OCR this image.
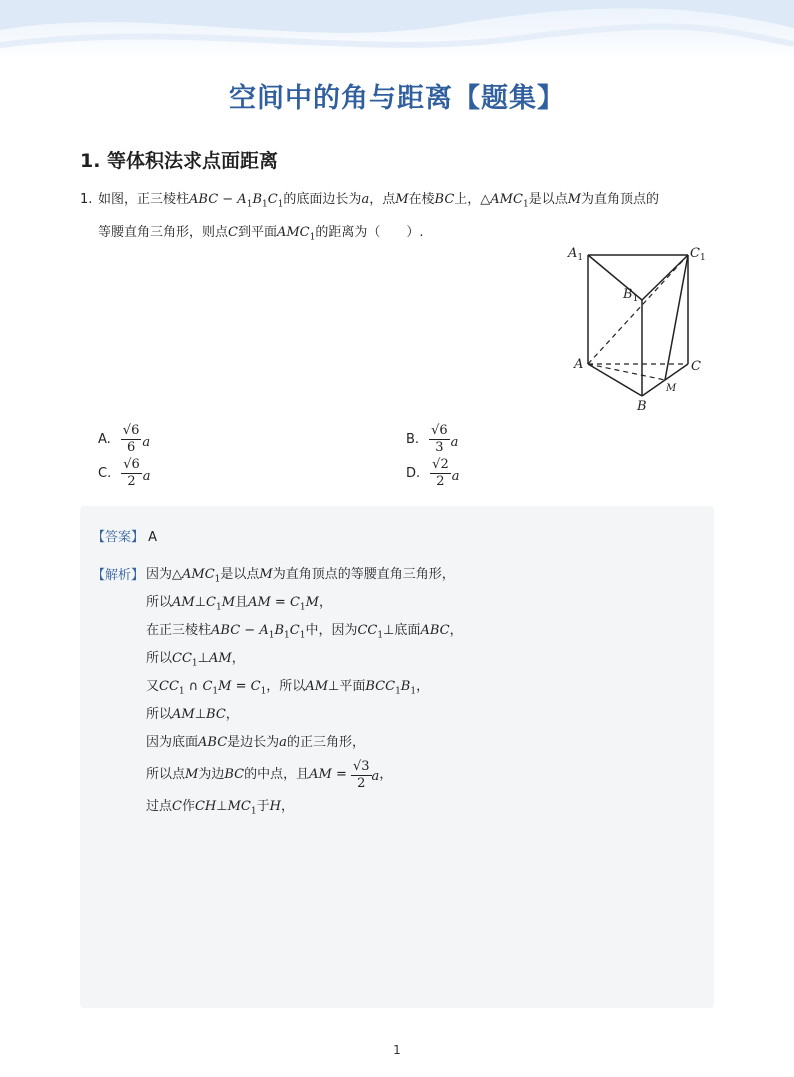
空间中的角与距离【题集】
1. 等体积法求点面距离
1. 如图，正三棱柱ABC − $A_1B_1C_1$的底面边长为a，点M在棱BC上，$\triangle AMC_1$是以点M为直角顶点的
等腰直角三角形，则点C到平面$AMC_1$的距离为（　　）.
$A_1$	$C_1$
$B_1$
A	C
B
M
A. $\frac{√6}{6}$ a	B. $\frac{√6}{3}$ a
C. $\frac{√6}{2}$ a	D. $\frac{√2}{2}$ a
【答案】 A
【解析】 因为$\triangle AMC_1$是以点M为直角顶点的等腰直角三角形，
所以$AM\perp C_1M$且AM = $C_1M$，
在正三棱柱ABC − $A_1B_1C_1$中，因为$CC_1\perp$底面ABC，
所以$CC_1\perp AM$，
又$CC_1$ ∩ $C_1M = C_1$，所以AM⊥平面$BCC_1B_1$，
所以AM⊥BC，
因为底面ABC是边长为a的正三角形，
所以点 M 为边 BC 的中点，且 AM = $\frac{√3}{2}$ a ，
过点C作$CH\perp MC_1$于H，
1
